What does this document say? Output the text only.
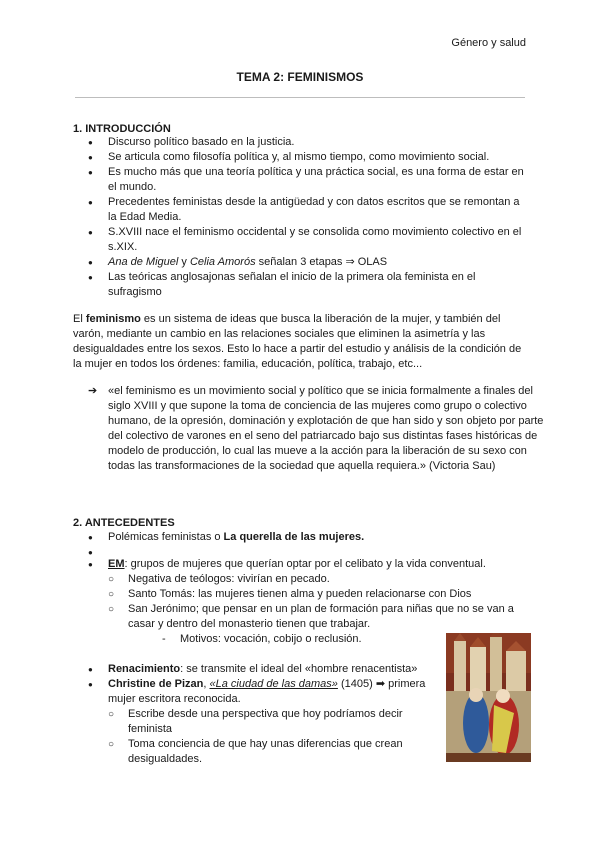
Género y salud
TEMA 2: FEMINISMOS
1. INTRODUCCIÓN
● Discurso político basado en la justicia.
● Se articula como filosofía política y, al mismo tiempo, como movimiento social.
● Es mucho más que una teoría política y una práctica social, es una forma de estar en el mundo.
● Precedentes feministas desde la antigüedad y con datos escritos que se remontan a la Edad Media.
● S.XVIII nace el feminismo occidental y se consolida como movimiento colectivo en el s.XIX.
● Ana de Miguel y Celia Amorós señalan 3 etapas ⇒ OLAS
● Las teóricas anglosajonas señalan el inicio de la primera ola feminista en el sufragismo
El feminismo es un sistema de ideas que busca la liberación de la mujer, y también del varón, mediante un cambio en las relaciones sociales que eliminen la asimetría y las desigualdades entre los sexos. Esto lo hace a partir del estudio y análisis de la condición de la mujer en todos los órdenes: familia, educación, política, trabajo, etc...
➔ «el feminismo es un movimiento social y político que se inicia formalmente a finales del siglo XVIII y que supone la toma de conciencia de las mujeres como grupo o colectivo humano, de la opresión, dominación y explotación de que han sido y son objeto por parte del colectivo de varones en el seno del patriarcado bajo sus distintas fases históricas de modelo de producción, lo cual las mueve a la acción para la liberación de su sexo con todas las transformaciones de la sociedad que aquella requiera.» (Victoria Sau)
2. ANTECEDENTES
● Polémicas feministas o La querella de las mujeres.
●
● EM: grupos de mujeres que querían optar por el celibato y la vida conventual.
○ Negativa de teólogos: vivirían en pecado.
○ Santo Tomás: las mujeres tienen alma y pueden relacionarse con Dios
○ San Jerónimo; que pensar en un plan de formación para niñas que no se van a casar y dentro del monasterio tienen que trabajar.
- Motivos: vocación, cobijo o reclusión.
● Renacimiento: se transmite el ideal del «hombre renacentista»
● Christine de Pizan, «La ciudad de las damas» (1405) ➡ primera mujer escritora reconocida.
○ Escribe desde una perspectiva que hoy podríamos decir feminista
○ Toma conciencia de que hay unas diferencias que crean desigualdades.
